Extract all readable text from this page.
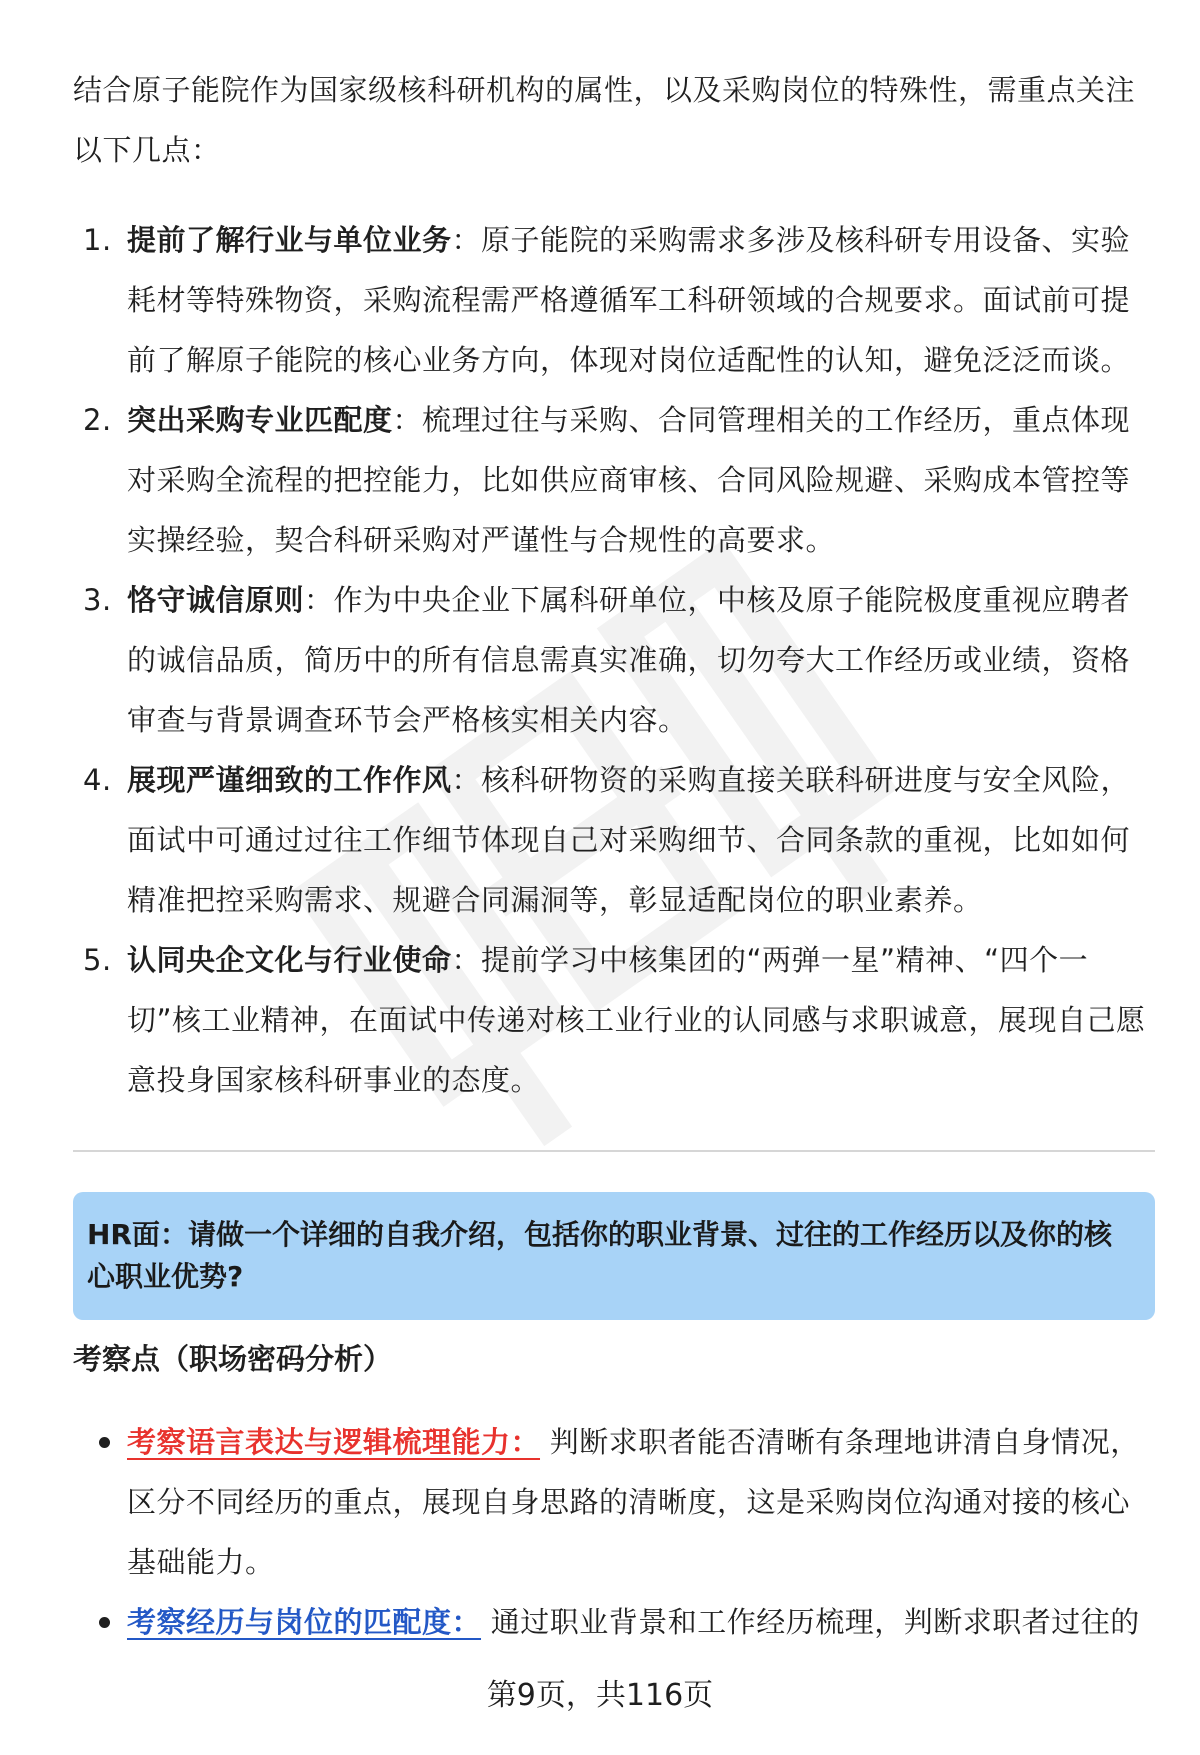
结合原子能院作为国家级核科研机构的属性，以及采购岗位的特殊性，需重点关注以下几点：

1. 提前了解行业与单位业务：原子能院的采购需求多涉及核科研专用设备、实验耗材等特殊物资，采购流程需严格遵循军工科研领域的合规要求。面试前可提前了解原子能院的核心业务方向，体现对岗位适配性的认知，避免泛泛而谈。
2. 突出采购专业匹配度：梳理过往与采购、合同管理相关的工作经历，重点体现对采购全流程的把控能力，比如供应商审核、合同风险规避、采购成本管控等实操经验，契合科研采购对严谨性与合规性的高要求。
3. 恪守诚信原则：作为中央企业下属科研单位，中核及原子能院极度重视应聘者的诚信品质，简历中的所有信息需真实准确，切勿夸大工作经历或业绩，资格审查与背景调查环节会严格核实相关内容。
4. 展现严谨细致的工作作风：核科研物资的采购直接关联科研进度与安全风险，面试中可通过过往工作细节体现自己对采购细节、合同条款的重视，比如如何精准把控采购需求、规避合同漏洞等，彰显适配岗位的职业素养。
5. 认同央企文化与行业使命：提前学习中核集团的“两弹一星”精神、“四个一切”核工业精神，在面试中传递对核工业行业的认同感与求职诚意，展现自己愿意投身国家核科研事业的态度。
HR面：请做一个详细的自我介绍，包括你的职业背景、过往的工作经历以及你的核心职业优势?
考察点（职场密码分析）
考察语言表达与逻辑梳理能力： 判断求职者能否清晰有条理地讲清自身情况，区分不同经历的重点，展现自身思路的清晰度，这是采购岗位沟通对接的核心基础能力。
考察经历与岗位的匹配度： 通过职业背景和工作经历梳理，判断求职者过往的
第9页，共116页
